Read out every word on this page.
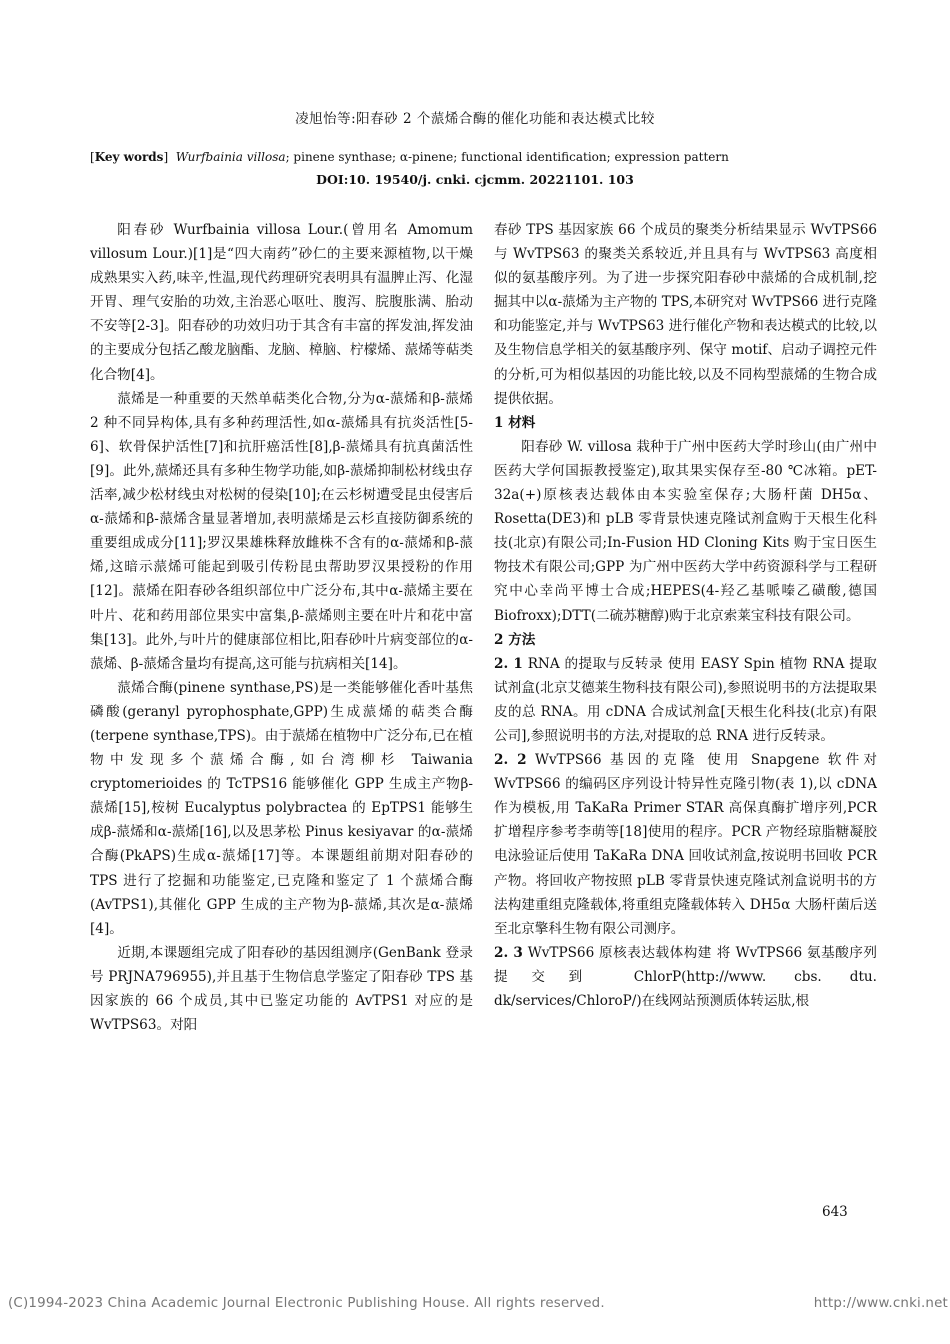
凌旭怡等:阳春砂 2 个蒎烯合酶的催化功能和表达模式比较
[Key words]  Wurfbainia villosa; pinene synthase; α-pinene; functional identification; expression pattern
DOI:10. 19540/j. cnki. cjcmm. 20221101. 103

阳春砂 Wurfbainia villosa Lour.(曾用名 Amomum villosum Lour.)[1]是“四大南药”砂仁的主要来源植物,以干燥成熟果实入药,味辛,性温,现代药理研究表明具有温脾止泻、化湿开胃、理气安胎的功效,主治恶心呕吐、腹泻、脘腹胀满、胎动不安等[2-3]。阳春砂的功效归功于其含有丰富的挥发油,挥发油的主要成分包括乙酸龙脑酯、龙脑、樟脑、柠檬烯、蒎烯等萜类化合物[4]。

蒎烯是一种重要的天然单萜类化合物,分为α-蒎烯和β-蒎烯 2 种不同异构体,具有多种药理活性,如α-蒎烯具有抗炎活性[5-6]、软骨保护活性[7]和抗肝癌活性[8],β-蒎烯具有抗真菌活性[9]。此外,蒎烯还具有多种生物学功能,如β-蒎烯抑制松材线虫存活率,减少松材线虫对松树的侵染[10];在云杉树遭受昆虫侵害后α-蒎烯和β-蒎烯含量显著增加,表明蒎烯是云杉直接防御系统的重要组成成分[11];罗汉果雄株释放雌株不含有的α-蒎烯和β-蒎烯,这暗示蒎烯可能起到吸引传粉昆虫帮助罗汉果授粉的作用[12]。蒎烯在阳春砂各组织部位中广泛分布,其中α-蒎烯主要在叶片、花和药用部位果实中富集,β-蒎烯则主要在叶片和花中富集[13]。此外,与叶片的健康部位相比,阳春砂叶片病变部位的α-蒎烯、β-蒎烯含量均有提高,这可能与抗病相关[14]。

蒎烯合酶(pinene synthase,PS)是一类能够催化香叶基焦磷酸(geranyl pyrophosphate,GPP)生成蒎烯的萜类合酶(terpene synthase,TPS)。由于蒎烯在植物中广泛分布,已在植物中发现多个蒎烯合酶,如台湾柳杉 Taiwania cryptomerioides 的 TcTPS16 能够催化 GPP 生成主产物β-蒎烯[15],桉树 Eucalyptus polybractea 的 EpTPS1 能够生成β-蒎烯和α-蒎烯[16],以及思茅松 Pinus kesiyavar 的α-蒎烯合酶(PkAPS)生成α-蒎烯[17]等。本课题组前期对阳春砂的 TPS 进行了挖掘和功能鉴定,已克隆和鉴定了 1 个蒎烯合酶(AvTPS1),其催化 GPP 生成的主产物为β-蒎烯,其次是α-蒎烯[4]。

近期,本课题组完成了阳春砂的基因组测序(GenBank 登录号 PRJNA796955),并且基于生物信息学鉴定了阳春砂 TPS 基因家族的 66 个成员,其中已鉴定功能的 AvTPS1 对应的是 WvTPS63。对阳

春砂 TPS 基因家族 66 个成员的聚类分析结果显示 WvTPS66 与 WvTPS63 的聚类关系较近,并且具有与 WvTPS63 高度相似的氨基酸序列。为了进一步探究阳春砂中蒎烯的合成机制,挖掘其中以α-蒎烯为主产物的 TPS,本研究对 WvTPS66 进行克隆和功能鉴定,并与 WvTPS63 进行催化产物和表达模式的比较,以及生物信息学相关的氨基酸序列、保守 motif、启动子调控元件的分析,可为相似基因的功能比较,以及不同构型蒎烯的生物合成提供依据。

1 材料

阳春砂 W. villosa 栽种于广州中医药大学时珍山(由广州中医药大学何国振教授鉴定),取其果实保存至-80 ℃冰箱。pET-32a(+)原核表达载体由本实验室保存;大肠杆菌 DH5α、Rosetta(DE3)和 pLB 零背景快速克隆试剂盒购于天根生化科技(北京)有限公司;In-Fusion HD Cloning Kits 购于宝日医生物技术有限公司;GPP 为广州中医药大学中药资源科学与工程研究中心幸尚平博士合成;HEPES(4-羟乙基哌嗪乙磺酸,德国 Biofroxx);DTT(二硫苏糖醇)购于北京索莱宝科技有限公司。

2 方法

2. 1 RNA 的提取与反转录 使用 EASY Spin 植物 RNA 提取试剂盒(北京艾德莱生物科技有限公司),参照说明书的方法提取果皮的总 RNA。用 cDNA 合成试剂盒[天根生化科技(北京)有限公司],参照说明书的方法,对提取的总 RNA 进行反转录。

2. 2 WvTPS66 基因的克隆 使用 Snapgene 软件对 WvTPS66 的编码区序列设计特异性克隆引物(表 1),以 cDNA 作为模板,用 TaKaRa Primer STAR 高保真酶扩增序列,PCR 扩增程序参考李萌等[18]使用的程序。PCR 产物经琼脂糖凝胶电泳验证后使用 TaKaRa DNA 回收试剂盒,按说明书回收 PCR 产物。将回收产物按照 pLB 零背景快速克隆试剂盒说明书的方法构建重组克隆载体,将重组克隆载体转入 DH5α 大肠杆菌后送至北京擎科生物有限公司测序。

2. 3 WvTPS66 原核表达载体构建 将 WvTPS66 氨基酸序列提交到 ChlorP(http://www. cbs. dtu. dk/services/ChloroP/)在线网站预测质体转运肽,根

643
(C)1994-2023 China Academic Journal Electronic Publishing House. All rights reserved.	http://www.cnki.net
